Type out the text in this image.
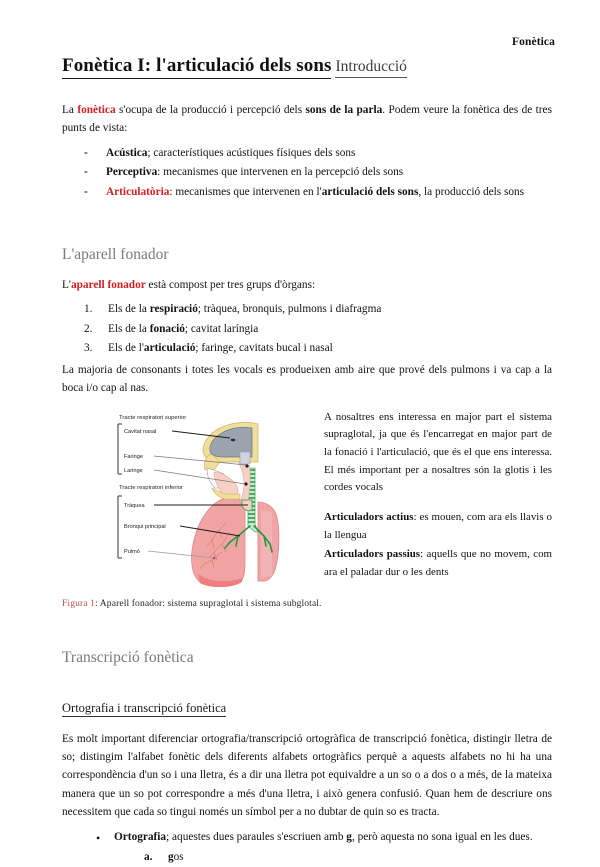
Fonètica
Fonètica I: l'articulació dels sons Introducció

La fonètica s'ocupa de la producció i percepció dels sons de la parla. Podem veure la fonètica des de tres punts de vista:

- Acústica; característiques acústiques físiques dels sons
- Perceptiva: mecanismes que intervenen en la percepció dels sons
- Articulatòria: mecanismes que intervenen en l'articulació dels sons, la producció dels sons
L'aparell fonador

L'aparell fonador està compost per tres grups d'òrgans:

Els de la respiració; tràquea, bronquis, pulmons i diafragma
Els de la fonació; cavitat laríngia
Els de l'articulació; faringe, cavitats bucal i nasal

La majoria de consonants i totes les vocals es produeixen amb aire que prové dels pulmons i va cap a la boca i/o cap al nas.

Tracte respiratori superior
Cavitat nasal
Faringe
Laringe
Tracte respiratori inferior
Tràquea
Bronqui principal
Pulmó

A nosaltres ens interessa en major part el sistema supraglotal, ja que és l'encarregat en major part de la fonació i l'articulació, que és el que ens interessa. El més important per a nosaltres són la glotis i les cordes vocals

Articuladors actius: es mouen, com ara els llavis o la llengua

Articuladors passius: aquells que no movem, com ara el paladar dur o les dents

Figura 1: Aparell fonador: sistema supraglotal i sistema subglotal.
Transcripció fonètica
Ortografia i transcripció fonètica

Es molt important diferenciar ortografia/transcripció ortogràfica de transcripció fonètica, distingir lletra de so; distingim l'alfabet fonètic dels diferents alfabets ortogràfics perquè a aquests alfabets no hi ha una correspondència d'un so i una lletra, és a dir una lletra pot equivaldre a un so o a dos o a més, de la mateixa manera que un so pot correspondre a més d'una lletra, i això genera confusió. Quan hem de descriure ons necessitem que cada so tingui només un símbol per a no dubtar de quin so es tracta.

• Ortografia; aquestes dues paraules s'escriuen amb g, però aquesta no sona igual en les dues.
gos
